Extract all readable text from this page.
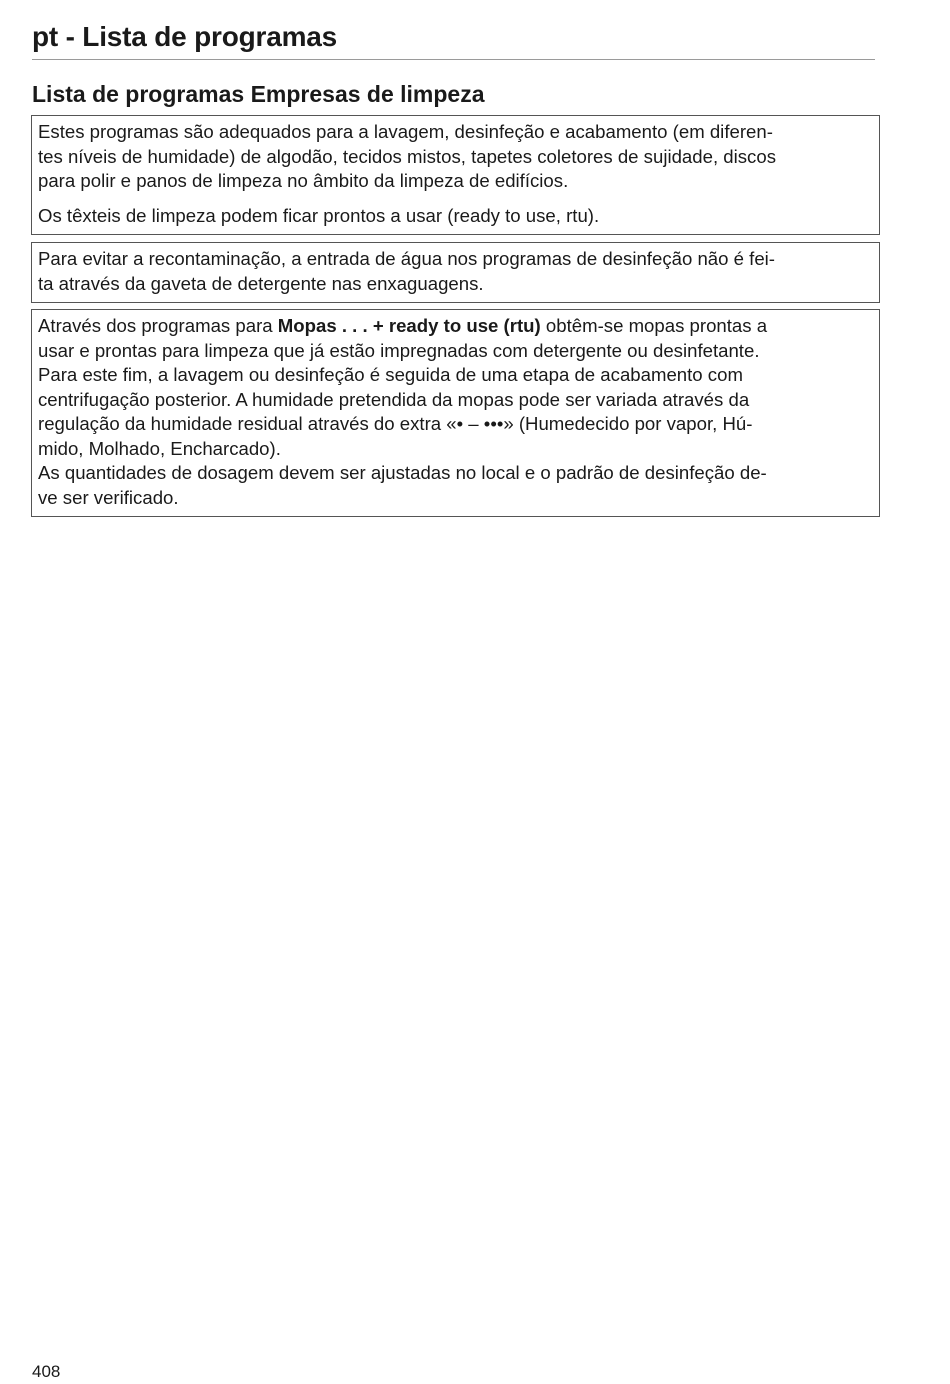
pt - Lista de programas
Lista de programas Empresas de limpeza

Estes programas são adequados para a lavagem, desinfeção e acabamento (em diferen-
tes níveis de humidade) de algodão, tecidos mistos, tapetes coletores de sujidade, discos
para polir e panos de limpeza no âmbito da limpeza de edifícios.

Os têxteis de limpeza podem ficar prontos a usar (ready to use, rtu).

Para evitar a recontaminação, a entrada de água nos programas de desinfeção não é fei-
ta através da gaveta de detergente nas enxaguagens.

Através dos programas para Mopas . . . + ready to use (rtu) obtêm-se mopas prontas a
usar e prontas para limpeza que já estão impregnadas com detergente ou desinfetante.
Para este fim, a lavagem ou desinfeção é seguida de uma etapa de acabamento com
centrifugação posterior. A humidade pretendida da mopas pode ser variada através da
regulação da humidade residual através do extra «• – •••» (Humedecido por vapor, Hú-
mido, Molhado, Encharcado).
As quantidades de dosagem devem ser ajustadas no local e o padrão de desinfeção de-
ve ser verificado.

408
